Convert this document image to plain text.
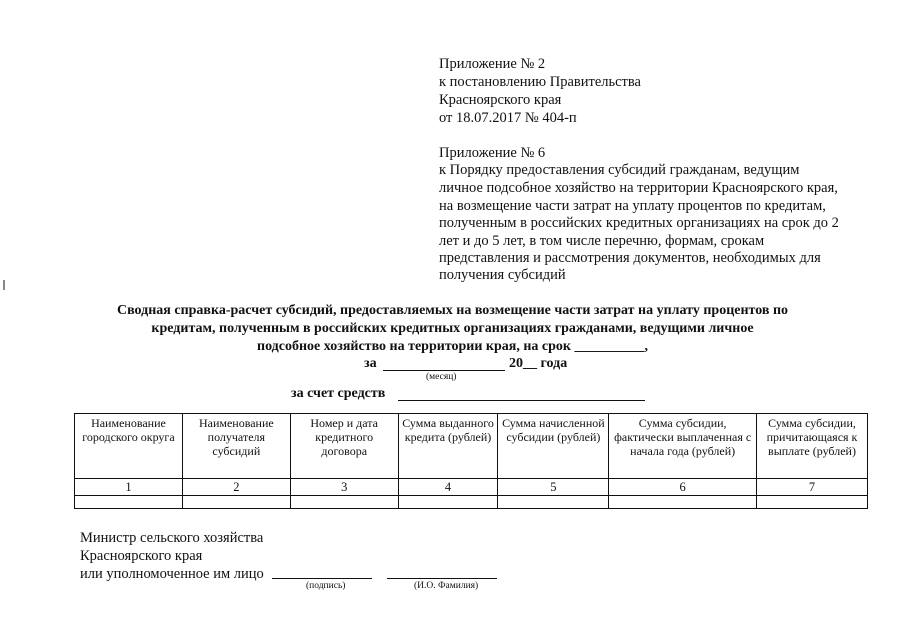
Приложение № 2
к постановлению Правительства
Красноярского края
от 18.07.2017 № 404-п
Приложение № 6
к Порядку предоставления субсидий гражданам, ведущим
личное подсобное хозяйство на территории Красноярского края,
на возмещение части затрат на уплату процентов по кредитам,
полученным в российских кредитных организациях на срок до 2
лет и до 5 лет, в том числе перечню, формам, срокам
представления и рассмотрения документов, необходимых для
получения субсидий
Сводная справка-расчет субсидий, предоставляемых на возмещение части затрат на уплату процентов по
кредитам, полученным в российских кредитных организациях гражданами, ведущими личное
подсобное хозяйство на территории края, на срок __________,
за	20__ года
(месяц)
за счет средств
Наименование городского округа	Наименование получателя субсидий	Номер и дата кредитного договора	Сумма выданного кредита (рублей)	Сумма начисленной субсидии (рублей)	Сумма субсидии, фактически выплаченная с начала года (рублей)	Сумма субсидии, причитающаяся к выплате (рублей)
1	2	3	4	5	6	7

Министр сельского хозяйства
Красноярского края
или уполномоченное им лицо
(подпись)	(И.О. Фамилия)
